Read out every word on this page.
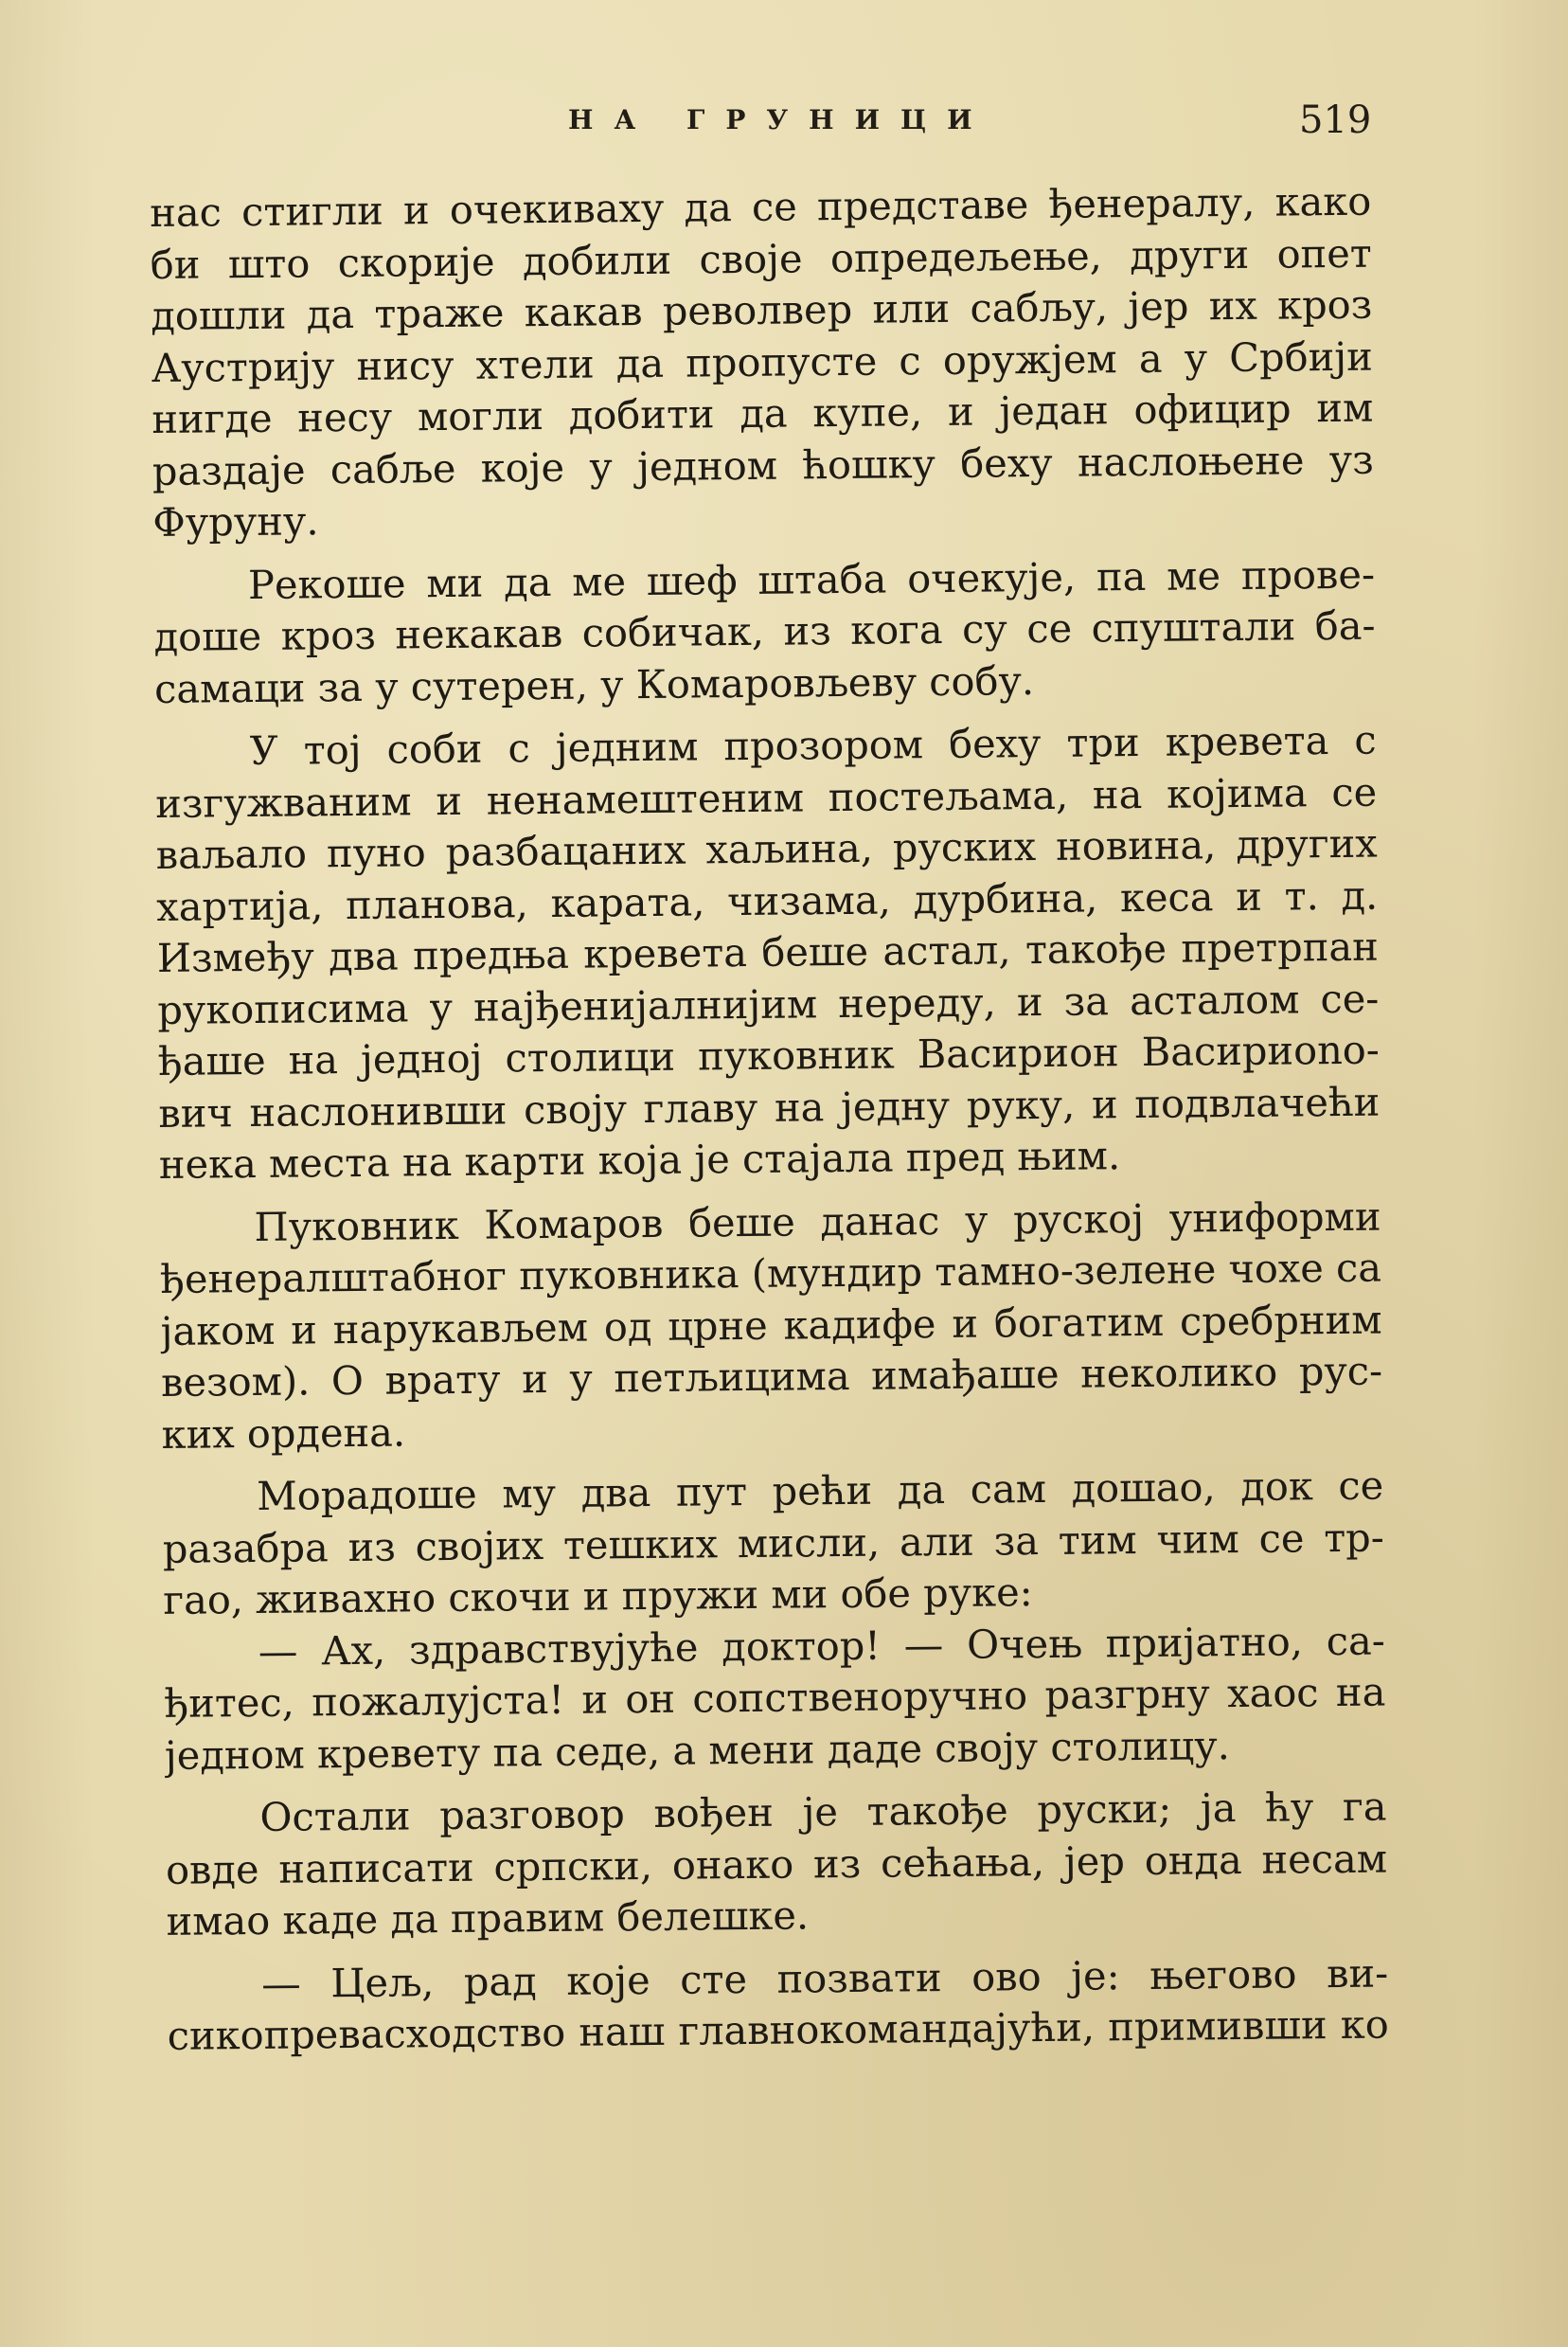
НА ГРУНИЦИ	519
нас стигли и очекиваху да се представе ђенералу, како
би што скорије добили своје опредељење, други опет
дошли да траже какав револвер или сабљу, јер их кроз
Аустрију нису хтели да пропусте с оружјем а у Србији
нигде несу могли добити да купе, и један официр им
раздаје сабље које у једном ћошку беху наслоњене уз
Фуруну.
Рекоше ми да ме шеф штаба очекује, па ме прове-
доше кроз некакав собичак, из кога су се спуштали ба-
самаци за у сутерен, у Комаровљеву собу.
У тој соби с једним прозором беху три кревета с
изгужваним и ненамештеним постељама, на којима се
ваљало пуно разбацаних хаљина, руских новина, других
хартија, планова, карата, чизама, дурбина, кеса и т. д.
Између два предња кревета беше астал, такође претрпан
рукописима у најђенијалнијим нереду, и за асталом се-
ђаше на једној столици пуковник Васирион Васириono-
вич наслонивши своју главу на једну руку, и подвлачећи
нека места на карти која је стајала пред њим.
Пуковник Комаров беше данас у руској униформи
ђенералштабног пуковника (мундир тамно-зелене чохе са
јаком и нарукављем од црне кадифе и богатим сребрним
везом). О врату и у петљицима имађаше неколико рус-
ких ордена.
Морадоше му два пут рећи да сам дошао, док се
разабра из својих тешких мисли, али за тим чим се тр-
гао, живахно скочи и пружи ми обе руке:
— Ах, здравствујуће доктор! — Очењ пријатно, са-
ђитес, пожалујста! и он сопственоручно разгрну хаос на
једном кревету па седе, а мени даде своју столицу.
Остали разговор вођен је такође руски; ја ћу га
овде написати српски, онако из сећања, јер онда несам
имао каде да правим белешке.
— Цељ, рад које сте позвати ово је: његово ви-
сикопревасходство наш главнокомандајући, примивши ко
